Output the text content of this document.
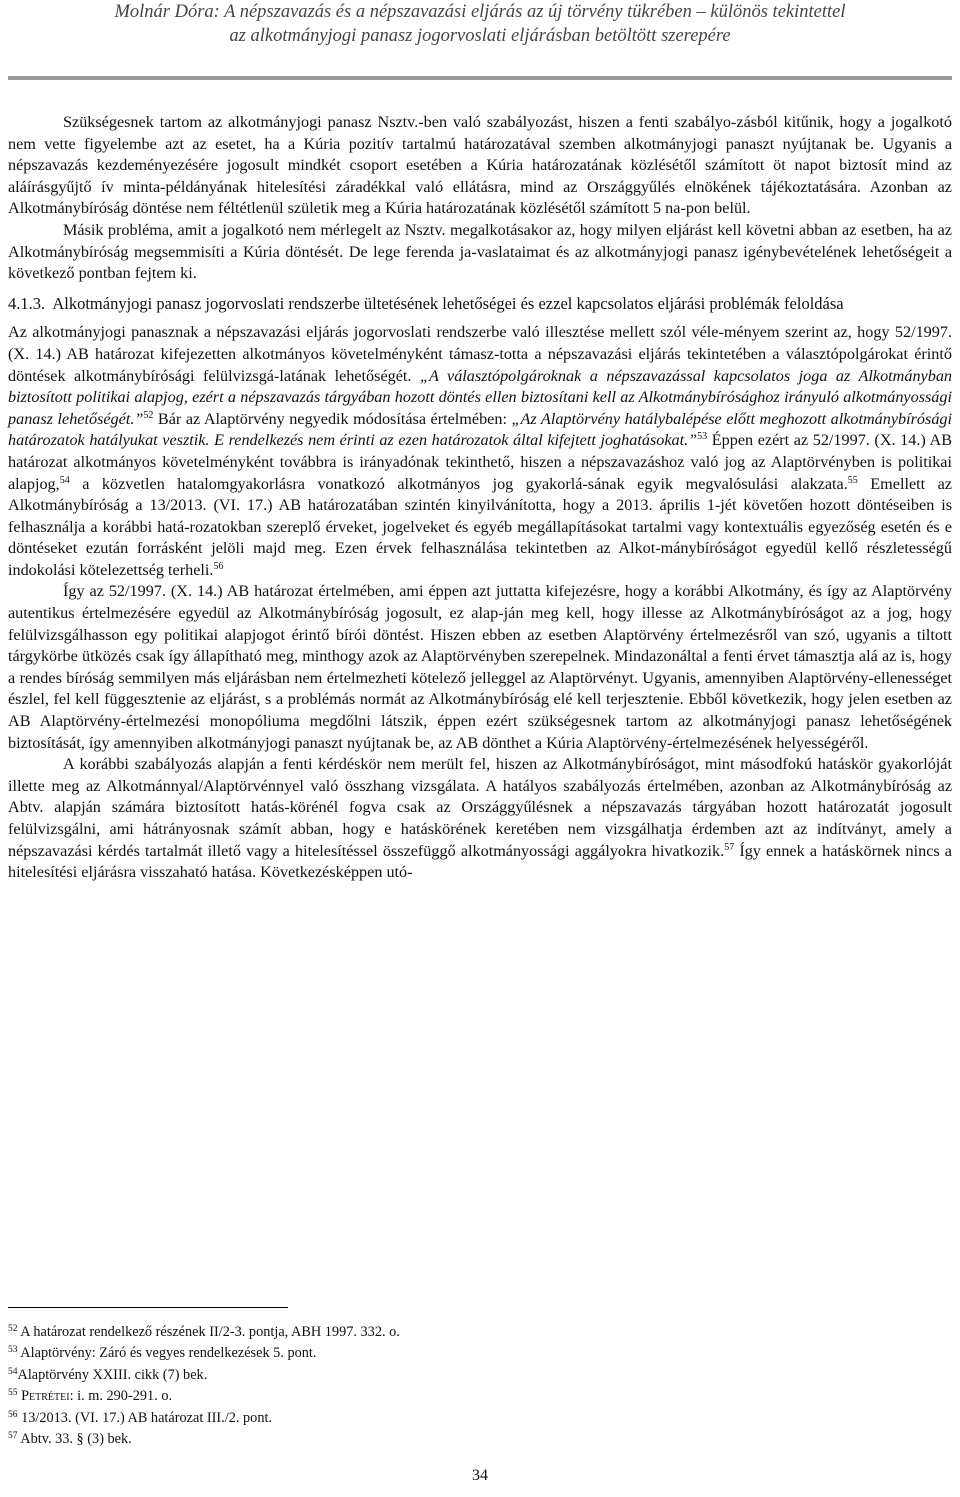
Molnár Dóra: A népszavazás és a népszavazási eljárás az új törvény tükrében – különös tekintettel
az alkotmányjogi panasz jogorvoslati eljárásban betöltött szerepére

Szükségesnek tartom az alkotmányjogi panasz Nsztv.-ben való szabályozást, hiszen a fenti szabályo-zásból kitűnik, hogy a jogalkotó nem vette figyelembe azt az esetet, ha a Kúria pozitív tartalmú határozatával szemben alkotmányjogi panaszt nyújtanak be. Ugyanis a népszavazás kezdeményezésére jogosult mindkét csoport esetében a Kúria határozatának közlésétől számított öt napot biztosít mind az aláírásgyűjtő ív minta-példányának hitelesítési záradékkal való ellátásra, mind az Országgyűlés elnökének tájékoztatására. Azonban az Alkotmánybíróság döntése nem féltétlenül születik meg a Kúria határozatának közlésétől számított 5 na-pon belül.

Másik probléma, amit a jogalkotó nem mérlegelt az Nsztv. megalkotásakor az, hogy milyen eljárást kell követni abban az esetben, ha az Alkotmánybíróság megsemmisíti a Kúria döntését. De lege ferenda ja-vaslataimat és az alkotmányjogi panasz igénybevételének lehetőségeit a következő pontban fejtem ki.

4.1.3. Alkotmányjogi panasz jogorvoslati rendszerbe ültetésének lehetőségei és ezzel kapcsolatos eljárási problémák feloldása

Az alkotmányjogi panasznak a népszavazási eljárás jogorvoslati rendszerbe való illesztése mellett szól véle-ményem szerint az, hogy 52/1997. (X. 14.) AB határozat kifejezetten alkotmányos követelményként támasz-totta a népszavazási eljárás tekintetében a választópolgárokat érintő döntések alkotmánybírósági felülvizsgá-latának lehetőségét. „A választópolgároknak a népszavazással kapcsolatos joga az Alkotmányban biztosított politikai alapjog, ezért a népszavazás tárgyában hozott döntés ellen biztosítani kell az Alkotmánybírósághoz irányuló alkotmányossági panasz lehetőségét.”$^{52}$ Bár az Alaptörvény negyedik módosítása értelmében: „Az Alaptörvény hatálybalépése előtt meghozott alkotmánybírósági határozatok hatályukat vesztik. E rendelkezés nem érinti az ezen határozatok által kifejtett joghatásokat.”$^{53}$ Éppen ezért az 52/1997. (X. 14.) AB határozat alkotmányos követelményként továbbra is irányadónak tekinthető, hiszen a népszavazáshoz való jog az Alaptörvényben is politikai alapjog,$^{54}$ a közvetlen hatalomgyakorlásra vonatkozó alkotmányos jog gyakorlá-sának egyik megvalósulási alakzata.$^{55}$ Emellett az Alkotmánybíróság a 13/2013. (VI. 17.) AB határozatában szintén kinyilvánította, hogy a 2013. április 1-jét követően hozott döntéseiben is felhasználja a korábbi hatá-rozatokban szereplő érveket, jogelveket és egyéb megállapításokat tartalmi vagy kontextuális egyezőség esetén és e döntéseket ezután forrásként jelöli majd meg. Ezen érvek felhasználása tekintetben az Alkot-mánybíróságot egyedül kellő részletességű indokolási kötelezettség terheli.$^{56}$

Így az 52/1997. (X. 14.) AB határozat értelmében, ami éppen azt juttatta kifejezésre, hogy a korábbi Alkotmány, és így az Alaptörvény autentikus értelmezésére egyedül az Alkotmánybíróság jogosult, ez alap-ján meg kell, hogy illesse az Alkotmánybíróságot az a jog, hogy felülvizsgálhasson egy politikai alapjogot érintő bírói döntést. Hiszen ebben az esetben Alaptörvény értelmezésről van szó, ugyanis a tiltott tárgykörbe ütközés csak így állapítható meg, minthogy azok az Alaptörvényben szerepelnek. Mindazonáltal a fenti érvet támasztja alá az is, hogy a rendes bíróság semmilyen más eljárásban nem értelmezheti kötelező jelleggel az Alaptörvényt. Ugyanis, amennyiben Alaptörvény-ellenességet észlel, fel kell függesztenie az eljárást, s a problémás normát az Alkotmánybíróság elé kell terjesztenie. Ebből következik, hogy jelen esetben az AB Alaptörvény-értelmezési monopóliuma megdőlni látszik, éppen ezért szükségesnek tartom az alkotmányjogi panasz lehetőségének biztosítását, így amennyiben alkotmányjogi panaszt nyújtanak be, az AB dönthet a Kúria Alaptörvény-értelmezésének helyességéről.

A korábbi szabályozás alapján a fenti kérdéskör nem merült fel, hiszen az Alkotmánybíróságot, mint másodfokú hatáskör gyakorlóját illette meg az Alkotmánnyal/Alaptörvénnyel való összhang vizsgálata. A hatályos szabályozás értelmében, azonban az Alkotmánybíróság az Abtv. alapján számára biztosított hatás-körénél fogva csak az Országgyűlésnek a népszavazás tárgyában hozott határozatát jogosult felülvizsgálni, ami hátrányosnak számít abban, hogy e hatáskörének keretében nem vizsgálhatja érdemben azt az indítványt, amely a népszavazási kérdés tartalmát illető vagy a hitelesítéssel összefüggő alkotmányossági aggályokra hivatkozik.$^{57}$ Így ennek a hatáskörnek nincs a hitelesítési eljárásra visszaható hatása. Következésképpen utó-

$^{52}$ A határozat rendelkező részének II/2-3. pontja, ABH 1997. 332. o.
$^{53}$ Alaptörvény: Záró és vegyes rendelkezések 5. pont.
$^{54}$Alaptörvény XXIII. cikk (7) bek.
$^{55}$ Petrétei: i. m. 290-291. o.
$^{56}$ 13/2013. (VI. 17.) AB határozat III./2. pont.
$^{57}$ Abtv. 33. § (3) bek.
34
